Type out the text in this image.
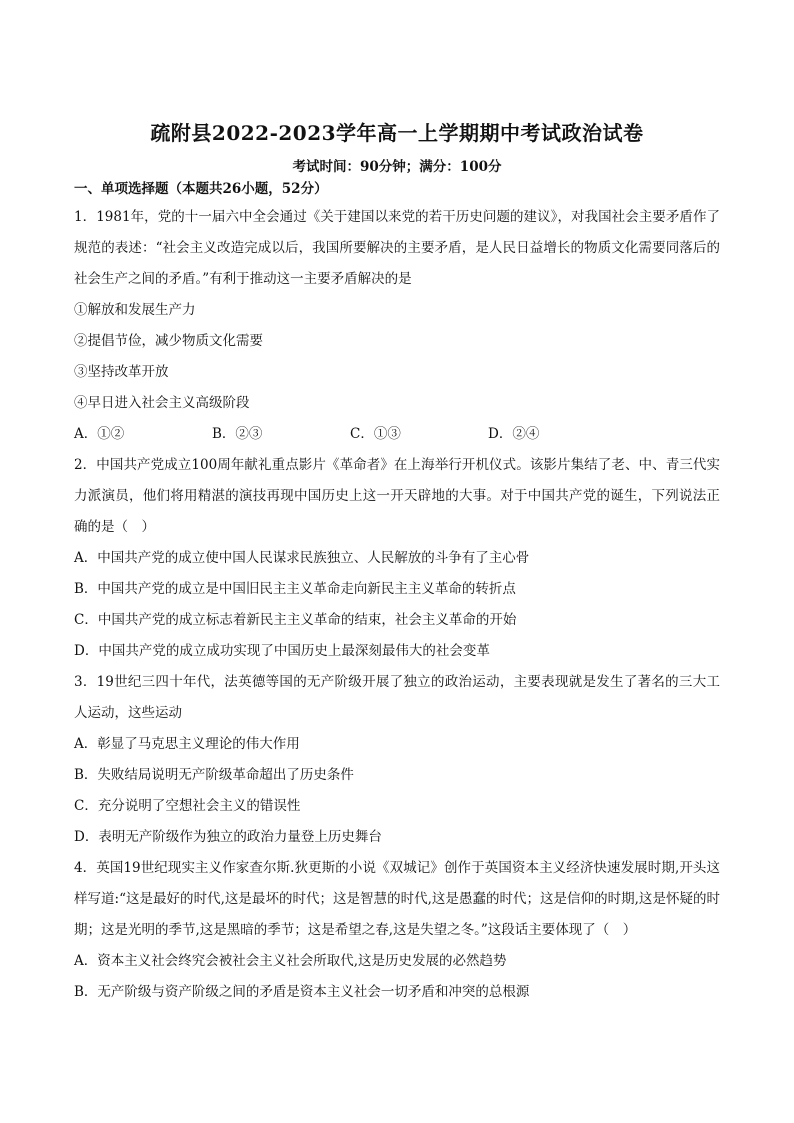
疏附县2022-2023学年高一上学期期中考试政治试卷

考试时间：90分钟；满分：100分

一、单项选择题（本题共26小题，52分）

1．1981年，党的十一届六中全会通过《关于建国以来党的若干历史问题的建议》，对我国社会主要矛盾作了规范的表述：“社会主义改造完成以后，我国所要解决的主要矛盾，是人民日益增长的物质文化需要同落后的社会生产之间的矛盾。”有利于推动这一主要矛盾解决的是

①解放和发展生产力

②提倡节俭，减少物质文化需要

③坚持改革开放

④早日进入社会主义高级阶段

A．①②	B．②③	C．①③	D．②④

2．中国共产党成立100周年献礼重点影片《革命者》在上海举行开机仪式。该影片集结了老、中、青三代实力派演员，他们将用精湛的演技再现中国历史上这一开天辟地的大事。对于中国共产党的诞生，下列说法正确的是（　）

A．中国共产党的成立使中国人民谋求民族独立、人民解放的斗争有了主心骨

B．中国共产党的成立是中国旧民主主义革命走向新民主主义革命的转折点

C．中国共产党的成立标志着新民主主义革命的结束，社会主义革命的开始

D．中国共产党的成立成功实现了中国历史上最深刻最伟大的社会变革

3．19世纪三四十年代，法英德等国的无产阶级开展了独立的政治运动，主要表现就是发生了著名的三大工人运动，这些运动

A．彰显了马克思主义理论的伟大作用

B．失败结局说明无产阶级革命超出了历史条件

C．充分说明了空想社会主义的错误性

D．表明无产阶级作为独立的政治力量登上历史舞台

4．英国19世纪现实主义作家查尔斯.狄更斯的小说《双城记》创作于英国资本主义经济快速发展时期,开头这样写道:“这是最好的时代,这是最坏的时代；这是智慧的时代,这是愚蠢的时代；这是信仰的时期,这是怀疑的时期；这是光明的季节,这是黑暗的季节；这是希望之春,这是失望之冬。”这段话主要体现了（　）

A．资本主义社会终究会被社会主义社会所取代,这是历史发展的必然趋势

B．无产阶级与资产阶级之间的矛盾是资本主义社会一切矛盾和冲突的总根源
